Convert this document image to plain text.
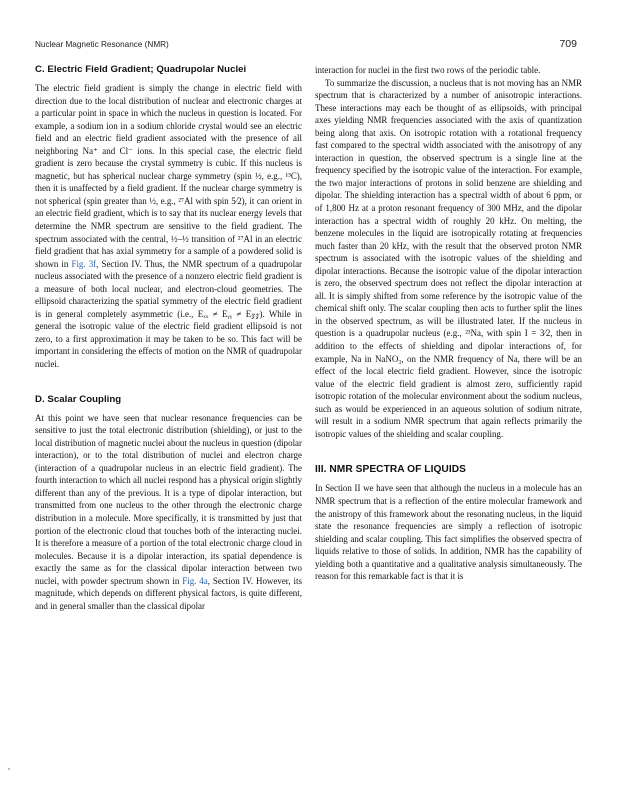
Nuclear Magnetic Resonance (NMR)	709
C. Electric Field Gradient; Quadrupolar Nuclei

The electric field gradient is simply the change in electric field with direction due to the local distribution of nuclear and electronic charges at a particular point in space in which the nucleus in question is located. For example, a sodium ion in a sodium chloride crystal would see an electric field and an electric field gradient associated with the presence of all neighboring Na⁺ and Cl⁻ ions. In this special case, the electric field gradient is zero because the crystal symmetry is cubic. If this nucleus is magnetic, but has spherical nuclear charge symmetry (spin ½, e.g., ¹³C), then it is unaffected by a field gradient. If the nuclear charge symmetry is not spherical (spin greater than ½, e.g., ²⁷Al with spin 5⁄2), it can orient in an electric field gradient, which is to say that its nuclear energy levels that determine the NMR spectrum are sensitive to the field gradient. The spectrum associated with the central, ½–½ transition of ²⁷Al in an electric field gradient that has axial symmetry for a sample of a powdered solid is shown in Fig. 3f, Section IV. Thus, the NMR spectrum of a quadrupolar nucleus associated with the presence of a nonzero electric field gradient is a measure of both local nuclear, and electron-cloud geometries. The ellipsoid characterizing the spatial symmetry of the electric field gradient is in general completely asymmetric (i.e., Eₓₓ ≠ Eᵧᵧ ≠ E𝓏𝓏). While in general the isotropic value of the electric field gradient ellipsoid is not zero, to a first approximation it may be taken to be so. This fact will be important in considering the effects of motion on the NMR of quadrupolar nuclei.

D. Scalar Coupling

At this point we have seen that nuclear resonance frequencies can be sensitive to just the total electronic distribution (shielding), or just to the local distribution of magnetic nuclei about the nucleus in question (dipolar interaction), or to the total distribution of nuclei and electron charge (interaction of a quadrupolar nucleus in an electric field gradient). The fourth interaction to which all nuclei respond has a physical origin slightly different than any of the previous. It is a type of dipolar interaction, but transmitted from one nucleus to the other through the electronic charge distribution in a molecule. More specifically, it is transmitted by just that portion of the electronic cloud that touches both of the interacting nuclei. It is therefore a measure of a portion of the total electronic charge cloud in molecules. Because it is a dipolar interaction, its spatial dependence is exactly the same as for the classical dipolar interaction between two nuclei, with powder spectrum shown in Fig. 4a, Section IV. However, its magnitude, which depends on different physical factors, is quite different, and in general smaller than the classical dipolar

interaction for nuclei in the first two rows of the periodic table.

To summarize the discussion, a nucleus that is not moving has an NMR spectrum that is characterized by a number of anisotropic interactions. These interactions may each be thought of as ellipsoids, with principal axes yielding NMR frequencies associated with the axis of quantization being along that axis. On isotropic rotation with a rotational frequency fast compared to the spectral width associated with the anisotropy of any interaction in question, the observed spectrum is a single line at the frequency specified by the isotropic value of the interaction. For example, the two major interactions of protons in solid benzene are shielding and dipolar. The shielding interaction has a spectral width of about 6 ppm, or of 1,800 Hz at a proton resonant frequency of 300 MHz, and the dipolar interaction has a spectral width of roughly 20 kHz. On melting, the benzene molecules in the liquid are isotropically rotating at frequencies much faster than 20 kHz, with the result that the observed proton NMR spectrum is associated with the isotropic values of the shielding and dipolar interactions. Because the isotropic value of the dipolar interaction is zero, the observed spectrum does not reflect the dipolar interaction at all. It is simply shifted from some reference by the isotropic value of the chemical shift only. The scalar coupling then acts to further split the lines in the observed spectrum, as will be illustrated later. If the nucleus in question is a quadrupolar nucleus (e.g., ²³Na, with spin I = 3⁄2, then in addition to the effects of shielding and dipolar interactions of, for example, Na in NaNO₃, on the NMR frequency of Na, there will be an effect of the local electric field gradient. However, since the isotropic value of the electric field gradient is almost zero, sufficiently rapid isotropic rotation of the molecular environment about the sodium nucleus, such as would be experienced in an aqueous solution of sodium nitrate, will result in a sodium NMR spectrum that again reflects primarily the isotropic values of the shielding and scalar coupling.

III. NMR SPECTRA OF LIQUIDS

In Section II we have seen that although the nucleus in a molecule has an NMR spectrum that is a reflection of the entire molecular framework and the anistropy of this framework about the resonating nucleus, in the liquid state the resonance frequencies are simply a reflection of isotropic shielding and scalar coupling. This fact simplifies the observed spectra of liquids relative to those of solids. In addition, NMR has the capability of yielding both a quantitative and a qualitative analysis simultaneously. The reason for this remarkable fact is that it is
